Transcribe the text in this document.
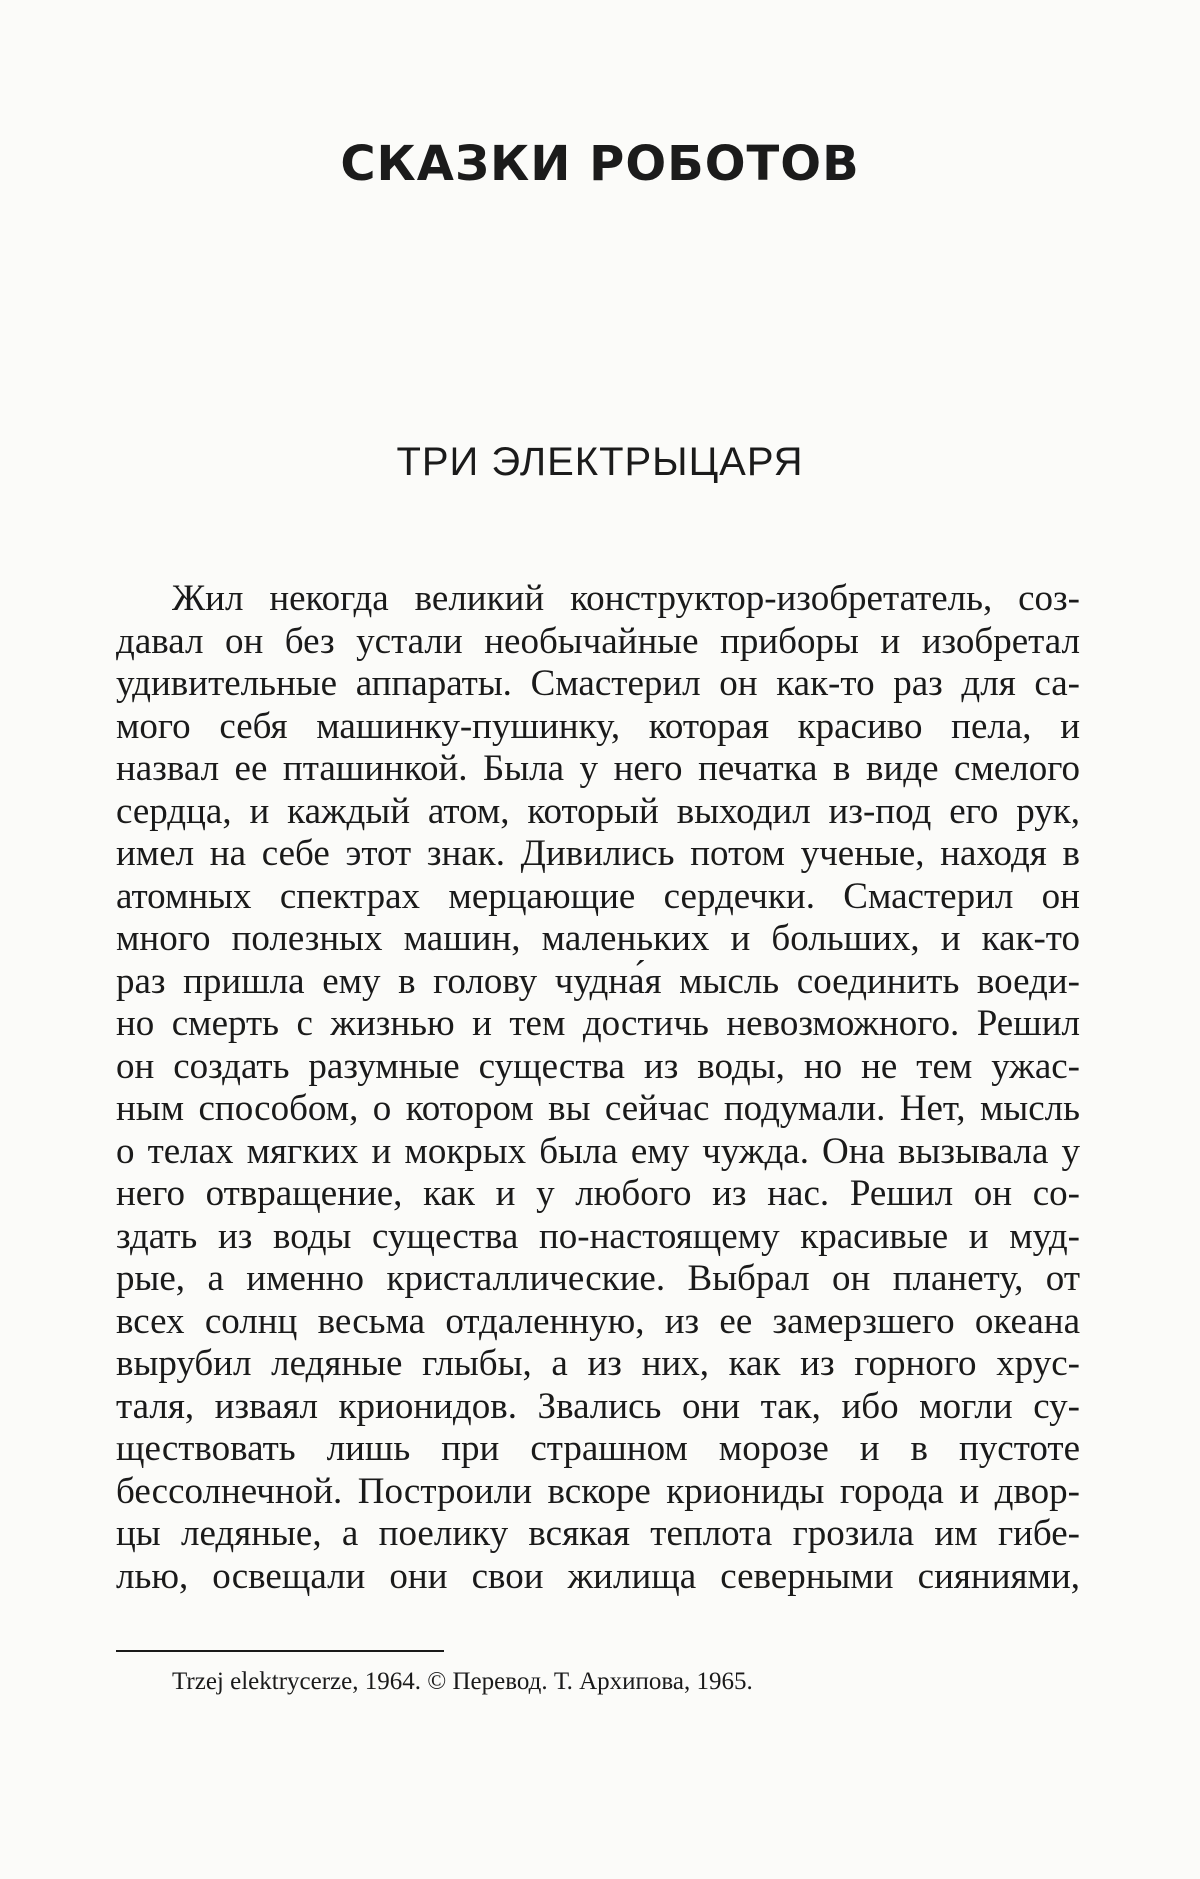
СКАЗКИ РОБОТОВ
ТРИ ЭЛЕКТРЫЦАРЯ
Жил некогда великий конструктор-изобретатель, соз-
давал он без устали необычайные приборы и изобретал
удивительные аппараты. Смастерил он как-то раз для са-
мого себя машинку-пушинку, которая красиво пела, и
назвал ее пташинкой. Была у него печатка в виде смелого
сердца, и каждый атом, который выходил из-под его рук,
имел на себе этот знак. Дивились потом ученые, находя в
атомных спектрах мерцающие сердечки. Смастерил он
много полезных машин, маленьких и больших, и как-то
раз пришла ему в голову чудна́я мысль соединить воеди-
но смерть с жизнью и тем достичь невозможного. Решил
он создать разумные существа из воды, но не тем ужас-
ным способом, о котором вы сейчас подумали. Нет, мысль
о телах мягких и мокрых была ему чужда. Она вызывала у
него отвращение, как и у любого из нас. Решил он со-
здать из воды существа по-настоящему красивые и муд-
рые, а именно кристаллические. Выбрал он планету, от
всех солнц весьма отдаленную, из ее замерзшего океана
вырубил ледяные глыбы, а из них, как из горного хрус-
таля, изваял крионидов. Звались они так, ибо могли су-
ществовать лишь при страшном морозе и в пустоте
бессолнечной. Построили вскоре криониды города и двор-
цы ледяные, а поелику всякая теплота грозила им гибе-
лью, освещали они свои жилища северными сияниями,

Trzej elektrycerze, 1964. © Перевод. Т. Архипова, 1965.
